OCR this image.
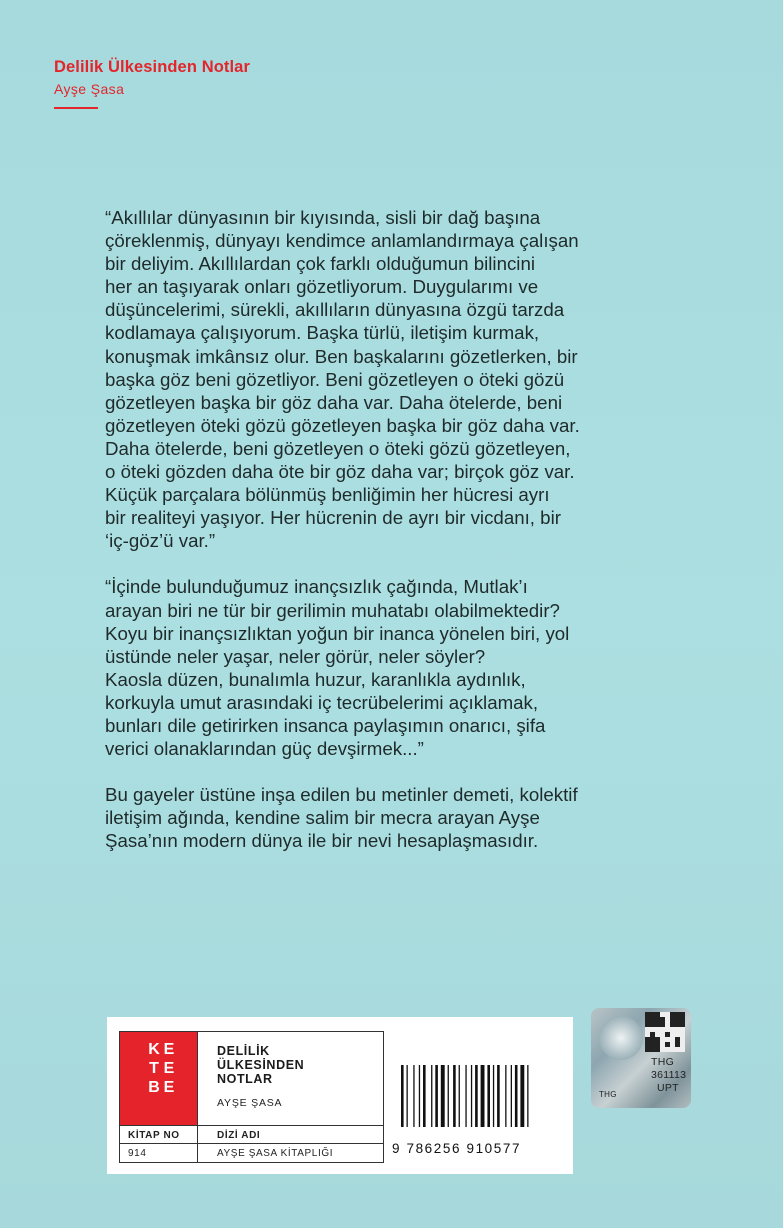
Delilik Ülkesinden Notlar
Ayşe Şasa
“Akıllılar dünyasının bir kıyısında, sisli bir dağ başına
çöreklenmiş, dünyayı kendimce anlamlandırmaya çalışan
bir deliyim. Akıllılardan çok farklı olduğumun bilincini
her an taşıyarak onları gözetliyorum. Duygularımı ve
düşüncelerimi, sürekli, akıllıların dünyasına özgü tarzda
kodlamaya çalışıyorum. Başka türlü, iletişim kurmak,
konuşmak imkânsız olur. Ben başkalarını gözetlerken, bir
başka göz beni gözetliyor. Beni gözetleyen o öteki gözü
gözetleyen başka bir göz daha var. Daha ötelerde, beni
gözetleyen öteki gözü gözetleyen başka bir göz daha var.
Daha ötelerde, beni gözetleyen o öteki gözü gözetleyen,
o öteki gözden daha öte bir göz daha var; birçok göz var.
Küçük parçalara bölünmüş benliğimin her hücresi ayrı
bir realiteyi yaşıyor. Her hücrenin de ayrı bir vicdanı, bir
‘iç-göz’ü var.”
“İçinde bulunduğumuz inançsızlık çağında, Mutlak’ı
arayan biri ne tür bir gerilimin muhatabı olabilmektedir?
Koyu bir inançsızlıktan yoğun bir inanca yönelen biri, yol
üstünde neler yaşar, neler görür, neler söyler?
Kaosla düzen, bunalımla huzur, karanlıkla aydınlık,
korkuyla umut arasındaki iç tecrübelerimi açıklamak,
bunları dile getirirken insanca paylaşımın onarıcı, şifa
verici olanaklarından güç devşirmek...”
Bu gayeler üstüne inşa edilen bu metinler demeti, kolektif
iletişim ağında, kendine salim bir mecra arayan Ayşe
Şasa’nın modern dünya ile bir nevi hesaplaşmasıdır.
K E
T E
B E
DELİLİK
ÜLKESİNDEN
NOTLAR
AYŞE ŞASA
KİTAP NO	DİZİ ADI
914	AYŞE ŞASA KİTAPLIĞI	9 786256 910577
THG
361113
UPT
THG
